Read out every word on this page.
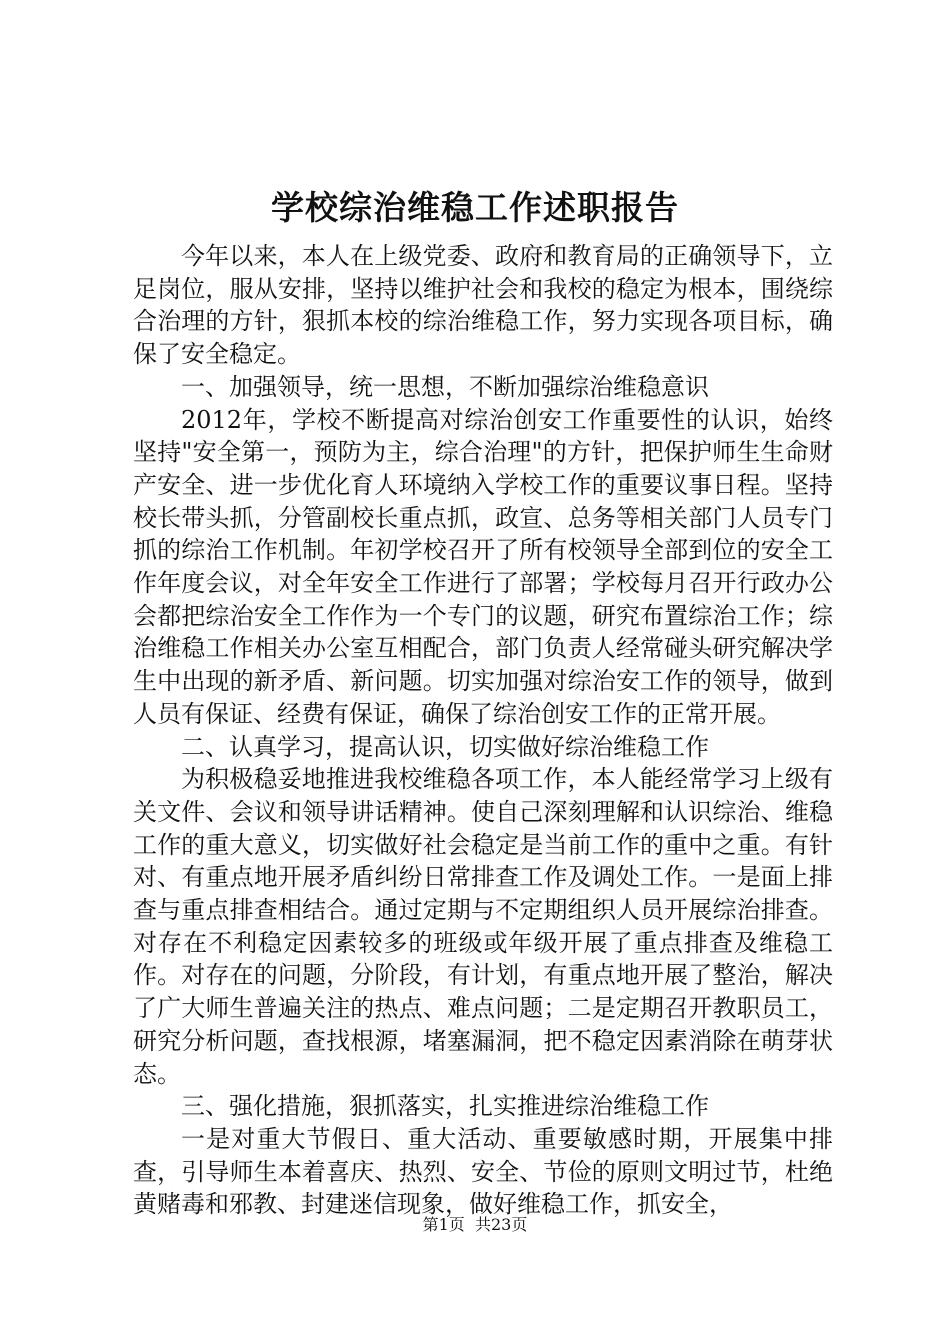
学校综治维稳工作述职报告

今年以来，本人在上级党委、政府和教育局的正确领导下，立足岗位，服从安排，坚持以维护社会和我校的稳定为根本，围绕综合治理的方针，狠抓本校的综治维稳工作，努力实现各项目标，确保了安全稳定。

一、加强领导，统一思想，不断加强综治维稳意识

2012年，学校不断提高对综治创安工作重要性的认识，始终坚持"安全第一，预防为主，综合治理"的方针，把保护师生生命财产安全、进一步优化育人环境纳入学校工作的重要议事日程。坚持校长带头抓，分管副校长重点抓，政宣、总务等相关部门人员专门抓的综治工作机制。年初学校召开了所有校领导全部到位的安全工作年度会议，对全年安全工作进行了部署；学校每月召开行政办公会都把综治安全工作作为一个专门的议题，研究布置综治工作；综治维稳工作相关办公室互相配合，部门负责人经常碰头研究解决学生中出现的新矛盾、新问题。切实加强对综治安工作的领导，做到人员有保证、经费有保证，确保了综治创安工作的正常开展。

二、认真学习，提高认识，切实做好综治维稳工作

为积极稳妥地推进我校维稳各项工作，本人能经常学习上级有关文件、会议和领导讲话精神。使自己深刻理解和认识综治、维稳工作的重大意义，切实做好社会稳定是当前工作的重中之重。有针对、有重点地开展矛盾纠纷日常排查工作及调处工作。一是面上排查与重点排查相结合。通过定期与不定期组织人员开展综治排查。对存在不利稳定因素较多的班级或年级开展了重点排查及维稳工作。对存在的问题，分阶段，有计划，有重点地开展了整治，解决了广大师生普遍关注的热点、难点问题；二是定期召开教职员工，研究分析问题，查找根源，堵塞漏洞，把不稳定因素消除在萌芽状态。

三、强化措施，狠抓落实，扎实推进综治维稳工作

一是对重大节假日、重大活动、重要敏感时期，开展集中排查，引导师生本着喜庆、热烈、安全、节俭的原则文明过节，杜绝黄赌毒和邪教、封建迷信现象，做好维稳工作，抓安全，

第1页 共23页
